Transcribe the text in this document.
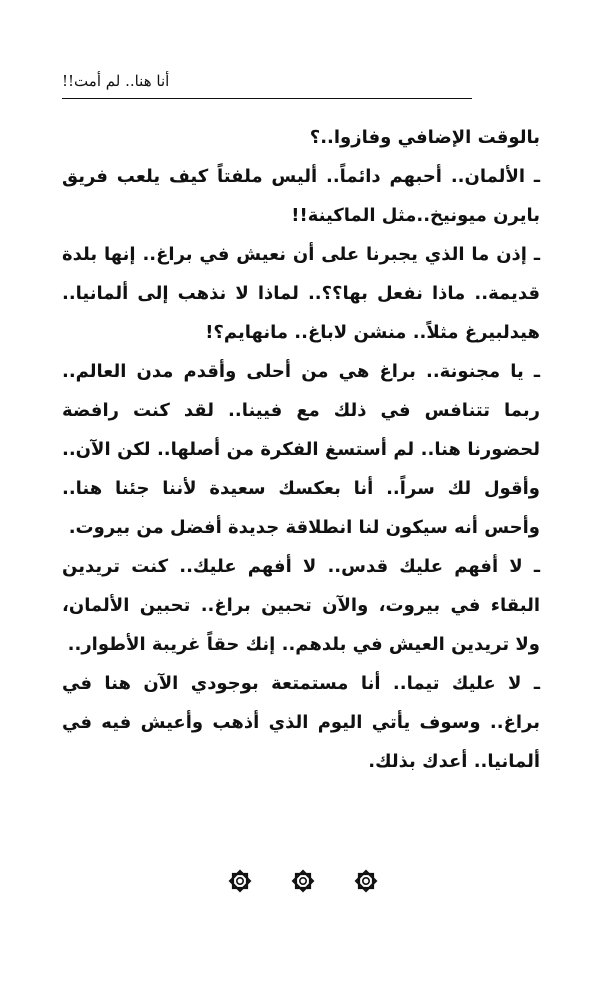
أنا هنا.. لم أمت!!

بالوقت الإضافي وفازوا..؟

ـ الألمان.. أحبهم دائماً.. أليس ملفتاً كيف يلعب فريق بايرن ميونيخ..مثل الماكينة!!

ـ إذن ما الذي يجبرنا على أن نعيش في براغ.. إنها بلدة قديمة.. ماذا نفعل بها؟؟.. لماذا لا نذهب إلى ألمانيا.. هيدلبيرغ مثلاً.. منشن لاباغ.. مانهايم؟!

ـ يا مجنونة.. براغ هي من أحلى وأقدم مدن العالم.. ربما تتنافس في ذلك مع فيينا.. لقد كنت رافضة لحضورنا هنا.. لم أستسغ الفكرة من أصلها.. لكن الآن.. وأقول لك سراً.. أنا بعكسك سعيدة لأننا جئنا هنا.. وأحس أنه سيكون لنا انطلاقة جديدة أفضل من بيروت.

ـ لا أفهم عليك قدس.. لا أفهم عليك.. كنت تريدين البقاء في بيروت، والآن تحبين براغ.. تحبين الألمان، ولا تريدين العيش في بلدهم.. إنك حقاً غريبة الأطوار..

ـ لا عليك تيما.. أنا مستمتعة بوجودي الآن هنا في براغ.. وسوف يأتي اليوم الذي أذهب وأعيش فيه في ألمانيا.. أعدك بذلك.
